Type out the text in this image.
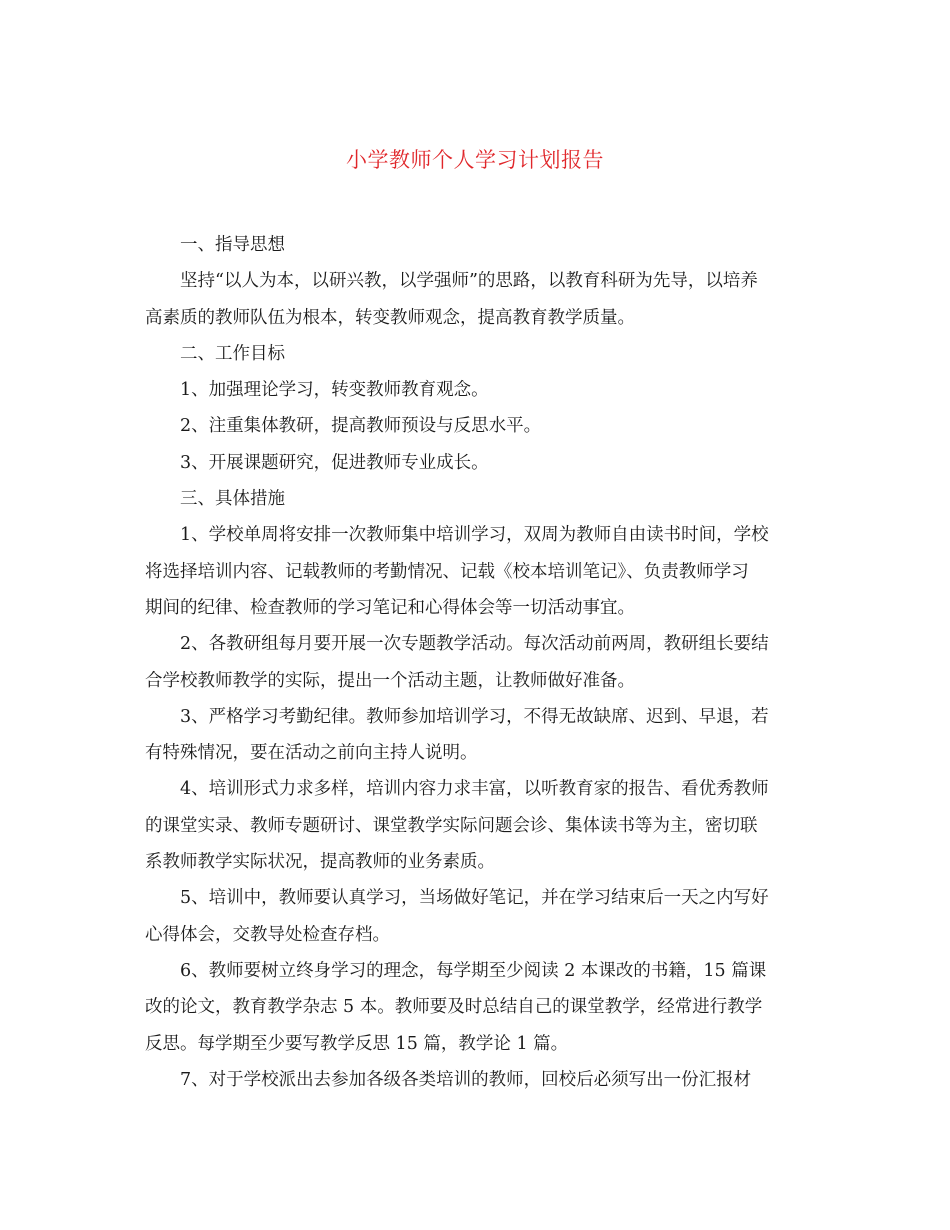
小学教师个人学习计划报告
一、指导思想
坚持“以人为本，以研兴教，以学强师”的思路，以教育科研为先导，以培养
高素质的教师队伍为根本，转变教师观念，提高教育教学质量。
二、工作目标
1、加强理论学习，转变教师教育观念。
2、注重集体教研，提高教师预设与反思水平。
3、开展课题研究，促进教师专业成长。
三、具体措施
1、学校单周将安排一次教师集中培训学习，双周为教师自由读书时间，学校
将选择培训内容、记载教师的考勤情况、记载《校本培训笔记》、负责教师学习
期间的纪律、检查教师的学习笔记和心得体会等一切活动事宜。
2、各教研组每月要开展一次专题教学活动。每次活动前两周，教研组长要结
合学校教师教学的实际，提出一个活动主题，让教师做好准备。
3、严格学习考勤纪律。教师参加培训学习，不得无故缺席、迟到、早退，若
有特殊情况，要在活动之前向主持人说明。
4、培训形式力求多样，培训内容力求丰富，以听教育家的报告、看优秀教师
的课堂实录、教师专题研讨、课堂教学实际问题会诊、集体读书等为主，密切联
系教师教学实际状况，提高教师的业务素质。
5、培训中，教师要认真学习，当场做好笔记，并在学习结束后一天之内写好
心得体会，交教导处检查存档。
6、教师要树立终身学习的理念，每学期至少阅读 2 本课改的书籍，15 篇课
改的论文，教育教学杂志 5 本。教师要及时总结自己的课堂教学，经常进行教学
反思。每学期至少要写教学反思 15 篇，教学论 1 篇。
7、对于学校派出去参加各级各类培训的教师，回校后必须写出一份汇报材
